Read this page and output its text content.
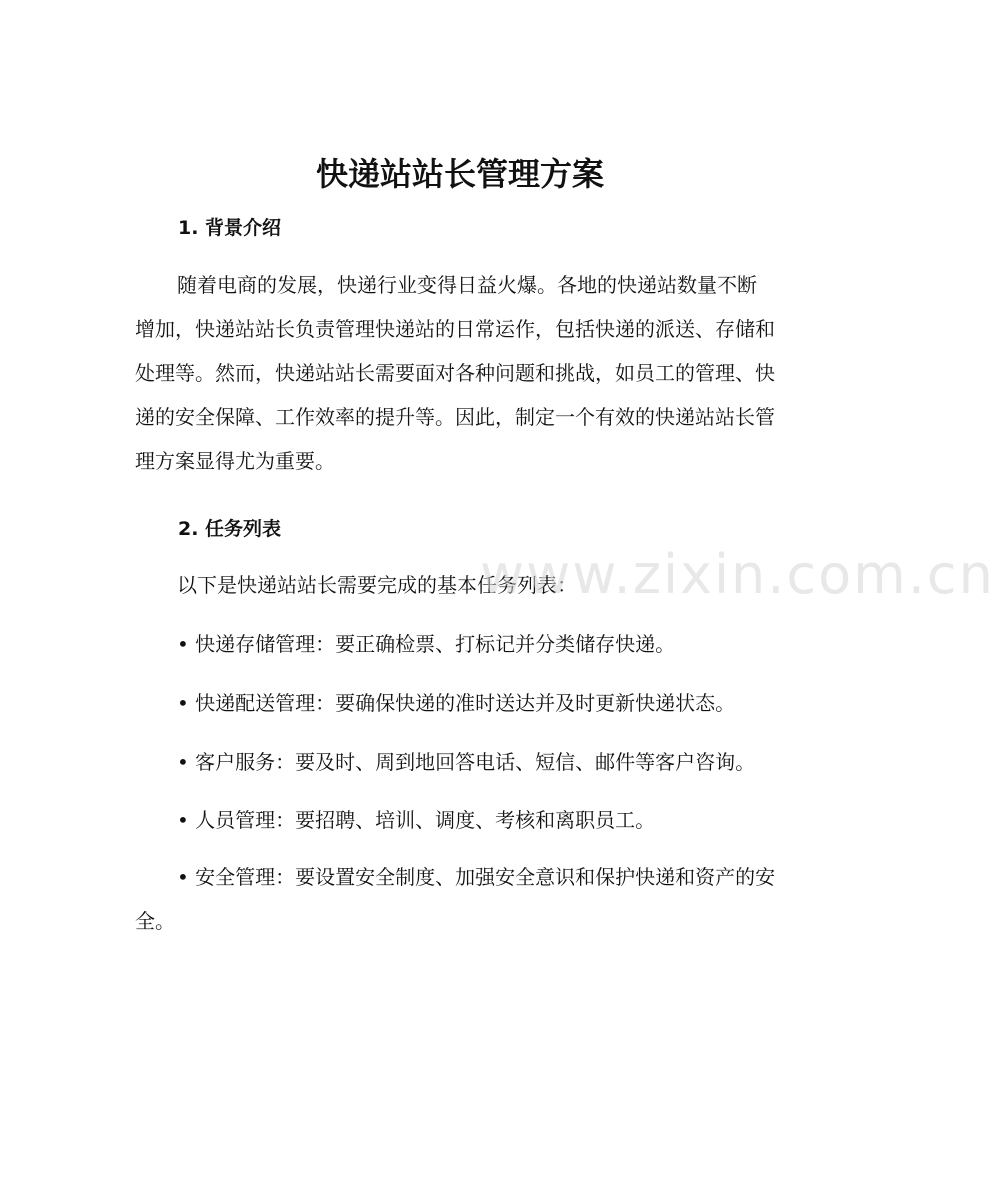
快递站站长管理方案
1. 背景介绍

随着电商的发展，快递行业变得日益火爆。各地的快递站数量不断增加，快递站站长负责管理快递站的日常运作，包括快递的派送、存储和处理等。然而，快递站站长需要面对各种问题和挑战，如员工的管理、快递的安全保障、工作效率的提升等。因此，制定一个有效的快递站站长管理方案显得尤为重要。

2. 任务列表

以下是快递站站长需要完成的基本任务列表：

• 快递存储管理：要正确检票、打标记并分类储存快递。

• 快递配送管理：要确保快递的准时送达并及时更新快递状态。

• 客户服务：要及时、周到地回答电话、短信、邮件等客户咨询。

• 人员管理：要招聘、培训、调度、考核和离职员工。

• 安全管理：要设置安全制度、加强安全意识和保护快递和资产的安全。

www.zixin.com.cn
